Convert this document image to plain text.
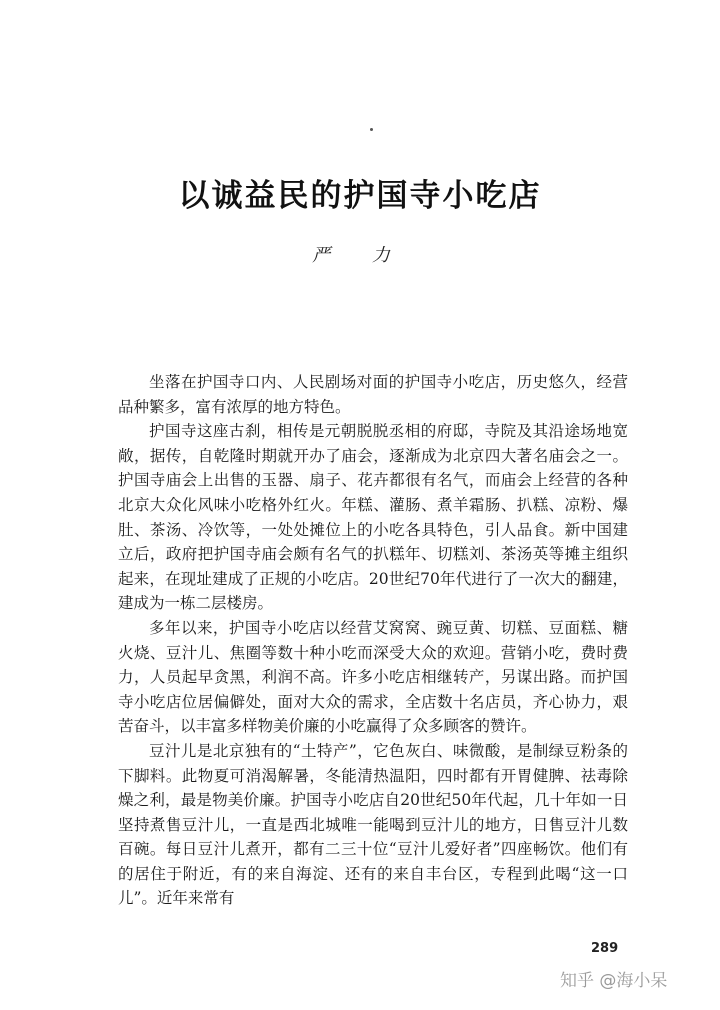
以诚益民的护国寺小吃店
严 力

坐落在护国寺口内、人民剧场对面的护国寺小吃店，历史悠久，经营品种繁多，富有浓厚的地方特色。

护国寺这座古刹，相传是元朝脱脱丞相的府邸，寺院及其沿途场地宽敞，据传，自乾隆时期就开办了庙会，逐渐成为北京四大著名庙会之一。护国寺庙会上出售的玉器、扇子、花卉都很有名气，而庙会上经营的各种北京大众化风味小吃格外红火。年糕、灌肠、煮羊霜肠、扒糕、凉粉、爆肚、茶汤、冷饮等，一处处摊位上的小吃各具特色，引人品食。新中国建立后，政府把护国寺庙会颇有名气的扒糕年、切糕刘、茶汤英等摊主组织起来，在现址建成了正规的小吃店。20世纪70年代进行了一次大的翻建，建成为一栋二层楼房。

多年以来，护国寺小吃店以经营艾窝窝、豌豆黄、切糕、豆面糕、糖火烧、豆汁儿、焦圈等数十种小吃而深受大众的欢迎。营销小吃，费时费力，人员起早贪黑，利润不高。许多小吃店相继转产，另谋出路。而护国寺小吃店位居偏僻处，面对大众的需求，全店数十名店员，齐心协力，艰苦奋斗，以丰富多样物美价廉的小吃赢得了众多顾客的赞许。

豆汁儿是北京独有的“土特产”，它色灰白、味微酸，是制绿豆粉条的下脚料。此物夏可消渴解暑，冬能清热温阳，四时都有开胃健脾、祛毒除燥之利，最是物美价廉。护国寺小吃店自20世纪50年代起，几十年如一日坚持煮售豆汁儿，一直是西北城唯一能喝到豆汁儿的地方，日售豆汁儿数百碗。每日豆汁儿煮开，都有二三十位“豆汁儿爱好者”四座畅饮。他们有的居住于附近，有的来自海淀、还有的来自丰台区，专程到此喝“这一口儿”。近年来常有

289
知乎 @海小呆
